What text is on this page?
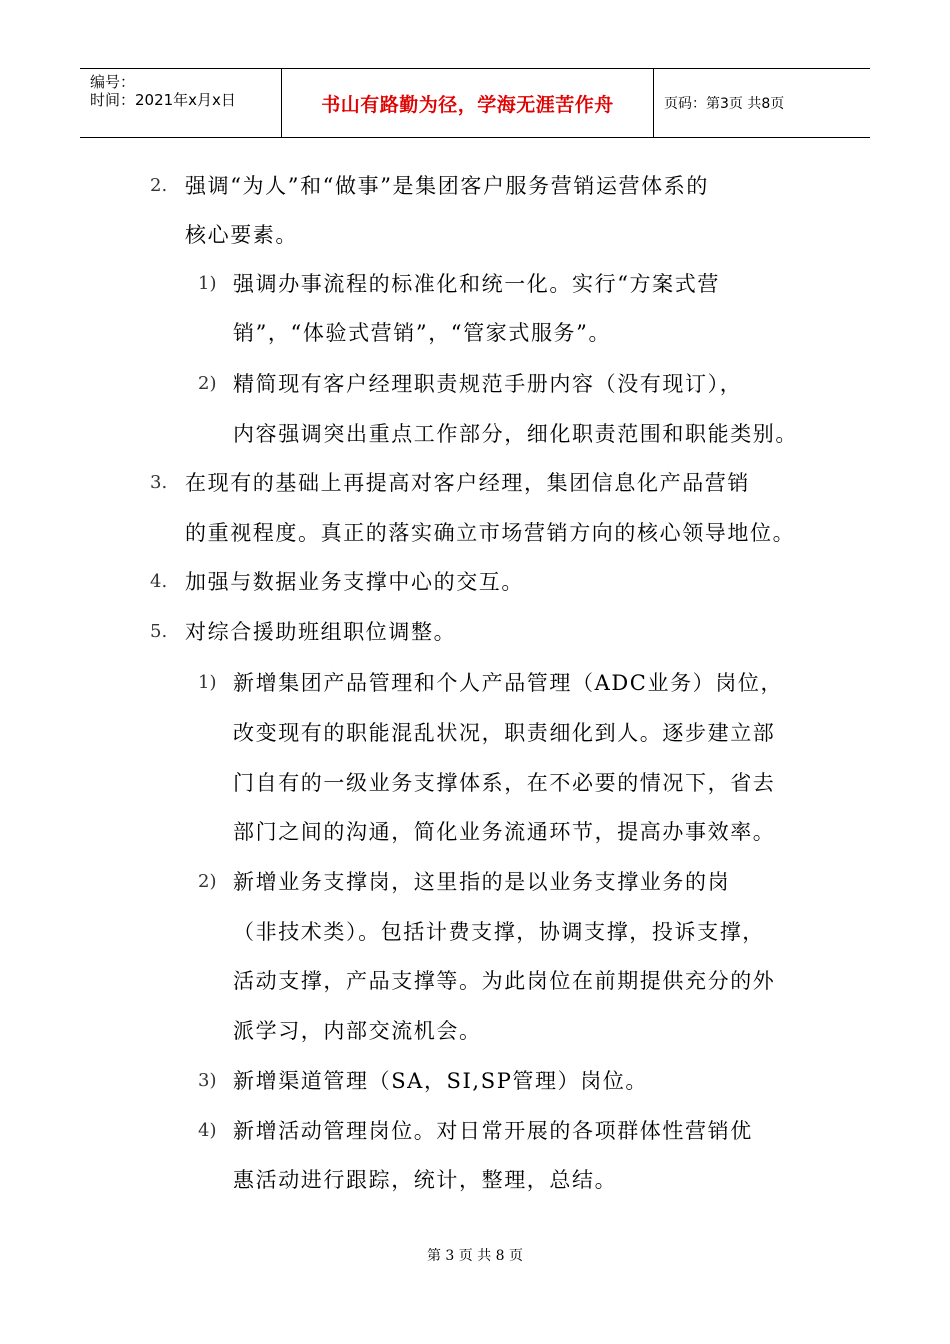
编号：
时间：2021年x月x日	书山有路勤为径，学海无涯苦作舟	页码：第3页 共8页
2. 强调“为人”和“做事”是集团客户服务营销运营体系的
核心要素。
1) 强调办事流程的标准化和统一化。实行“方案式营
销”，“体验式营销”，“管家式服务”。
2) 精简现有客户经理职责规范手册内容（没有现订），
内容强调突出重点工作部分，细化职责范围和职能类别。
3. 在现有的基础上再提高对客户经理，集团信息化产品营销
的重视程度。真正的落实确立市场营销方向的核心领导地位。
4. 加强与数据业务支撑中心的交互。
5. 对综合援助班组职位调整。
1) 新增集团产品管理和个人产品管理（ADC业务）岗位，
改变现有的职能混乱状况，职责细化到人。逐步建立部
门自有的一级业务支撑体系，在不必要的情况下，省去
部门之间的沟通，简化业务流通环节，提高办事效率。
2) 新增业务支撑岗，这里指的是以业务支撑业务的岗
（非技术类）。包括计费支撑，协调支撑，投诉支撑，
活动支撑，产品支撑等。为此岗位在前期提供充分的外
派学习，内部交流机会。
3) 新增渠道管理（SA，SI,SP管理）岗位。
4) 新增活动管理岗位。对日常开展的各项群体性营销优
惠活动进行跟踪，统计，整理，总结。
第 3 页 共 8 页
